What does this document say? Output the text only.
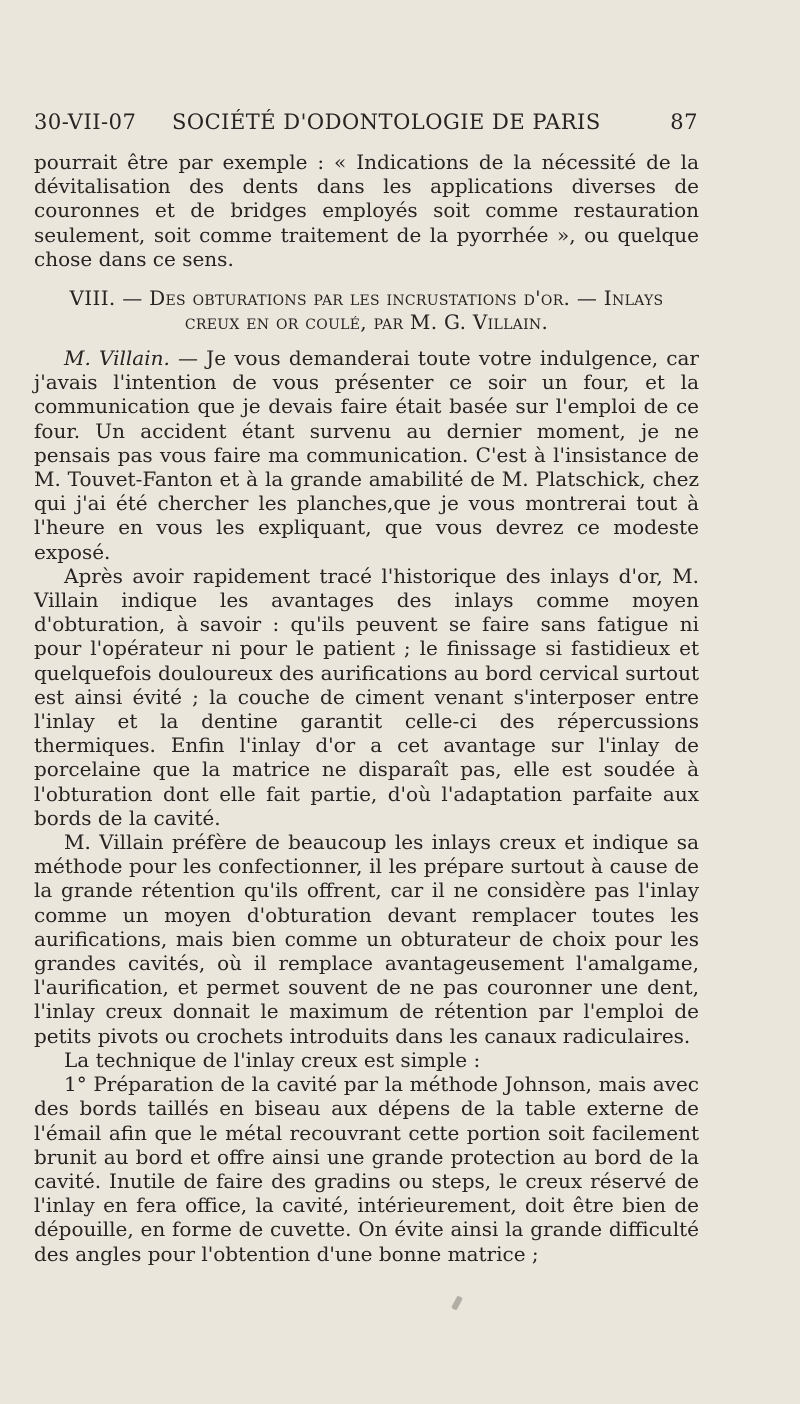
30-VII-07 SOCIÉTÉ D'ODONTOLOGIE DE PARIS	87

pourrait être par exemple : « Indications de la nécessité de la dévitalisation des dents dans les applications diverses de couronnes et de bridges employés soit comme restauration seulement, soit comme traitement de la pyorrhée », ou quelque chose dans ce sens.

VIII. — Des obturations par les incrustations d'or. — Inlays
creux en or coulé, par M. G. Villain.

M. Villain. — Je vous demanderai toute votre indulgence, car j'avais l'intention de vous présenter ce soir un four, et la communication que je devais faire était basée sur l'emploi de ce four. Un accident étant survenu au dernier moment, je ne pensais pas vous faire ma communication. C'est à l'insistance de M. Touvet-Fanton et à la grande amabilité de M. Platschick, chez qui j'ai été chercher les planches,que je vous montrerai tout à l'heure en vous les expliquant, que vous devrez ce modeste exposé.

Après avoir rapidement tracé l'historique des inlays d'or, M. Villain indique les avantages des inlays comme moyen d'obturation, à savoir : qu'ils peuvent se faire sans fatigue ni pour l'opérateur ni pour le patient ; le finissage si fastidieux et quelquefois douloureux des aurifications au bord cervical surtout est ainsi évité ; la couche de ciment venant s'interposer entre l'inlay et la dentine garantit celle-ci des répercussions thermiques. Enfin l'inlay d'or a cet avantage sur l'inlay de porcelaine que la matrice ne disparaît pas, elle est soudée à l'obturation dont elle fait partie, d'où l'adaptation parfaite aux bords de la cavité.

M. Villain préfère de beaucoup les inlays creux et indique sa méthode pour les confectionner, il les prépare surtout à cause de la grande rétention qu'ils offrent, car il ne considère pas l'inlay comme un moyen d'obturation devant remplacer toutes les aurifications, mais bien comme un obturateur de choix pour les grandes cavités, où il remplace avantageusement l'amalgame, l'aurification, et permet souvent de ne pas couronner une dent, l'inlay creux donnait le maximum de rétention par l'emploi de petits pivots ou crochets introduits dans les canaux radiculaires.

La technique de l'inlay creux est simple :

1° Préparation de la cavité par la méthode Johnson, mais avec des bords taillés en biseau aux dépens de la table externe de l'émail afin que le métal recouvrant cette portion soit facilement brunit au bord et offre ainsi une grande protection au bord de la cavité. Inutile de faire des gradins ou steps, le creux réservé de l'inlay en fera office, la cavité, intérieurement, doit être bien de dépouille, en forme de cuvette. On évite ainsi la grande difficulté des angles pour l'obtention d'une bonne matrice ;
